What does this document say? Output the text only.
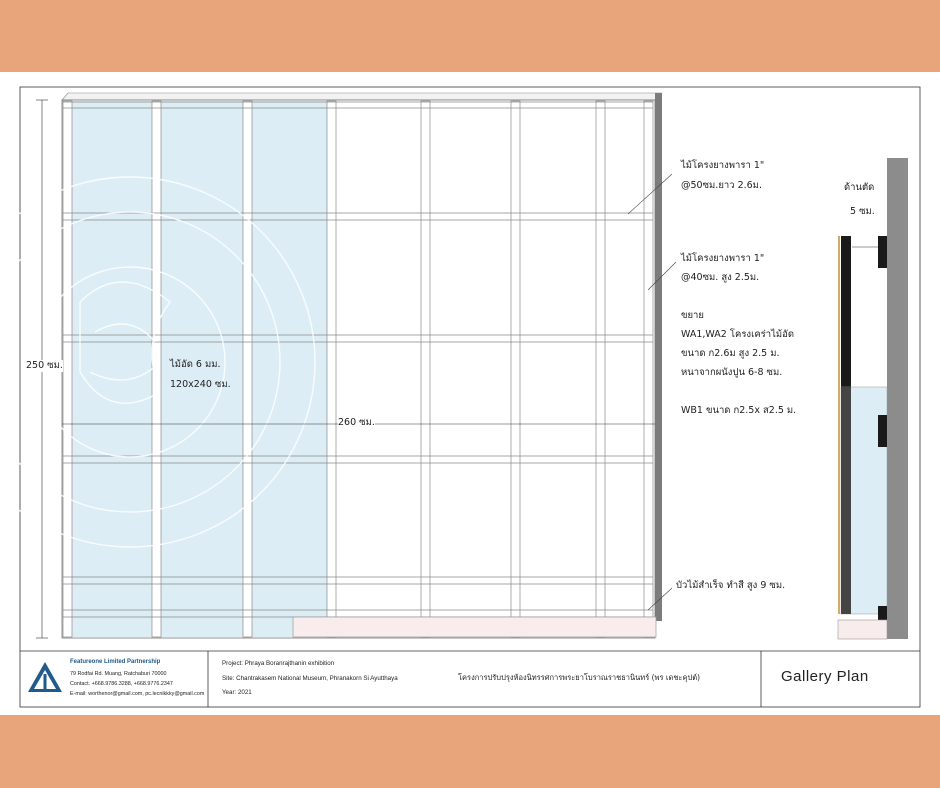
250 ซม.
260 ซม.
ไม้อัด 6 มม.
120x240 ซม.
ไม้โครงยางพารา 1"
@50ซม.ยาว 2.6ม.
ไม้โครงยางพารา 1"
@40ซม. สูง 2.5ม.
ขยาย
WA1,WA2 โครงเคร่าไม้อัด
ขนาด ก2.6ม สูง 2.5 ม.
หนาจากผนังปูน 6-8 ซม.
WB1 ขนาด ก2.5x ส2.5 ม.
บัวไม้สำเร็จ ทำสี สูง 9 ซม.
ด้านตัด
5 ซม.
Featureone Limited Partnership
79 Rodfai Rd. Muang, Ratchaburi 70000
Contact. +668.9786.3288, +668.9776.2347
E-mail: worthenor@gmail.com, pc.lecnikkky@gmail.com
Project: Phraya Boranrajthanin exhibition
Site: Chantrakasem National Museum, Phranakorn Si Ayutthaya
Year: 2021
โครงการปรับปรุงห้องนิทรรศการพระยาโบราณราชธานินทร์ (พร เดชะคุปต์)	Gallery Plan
